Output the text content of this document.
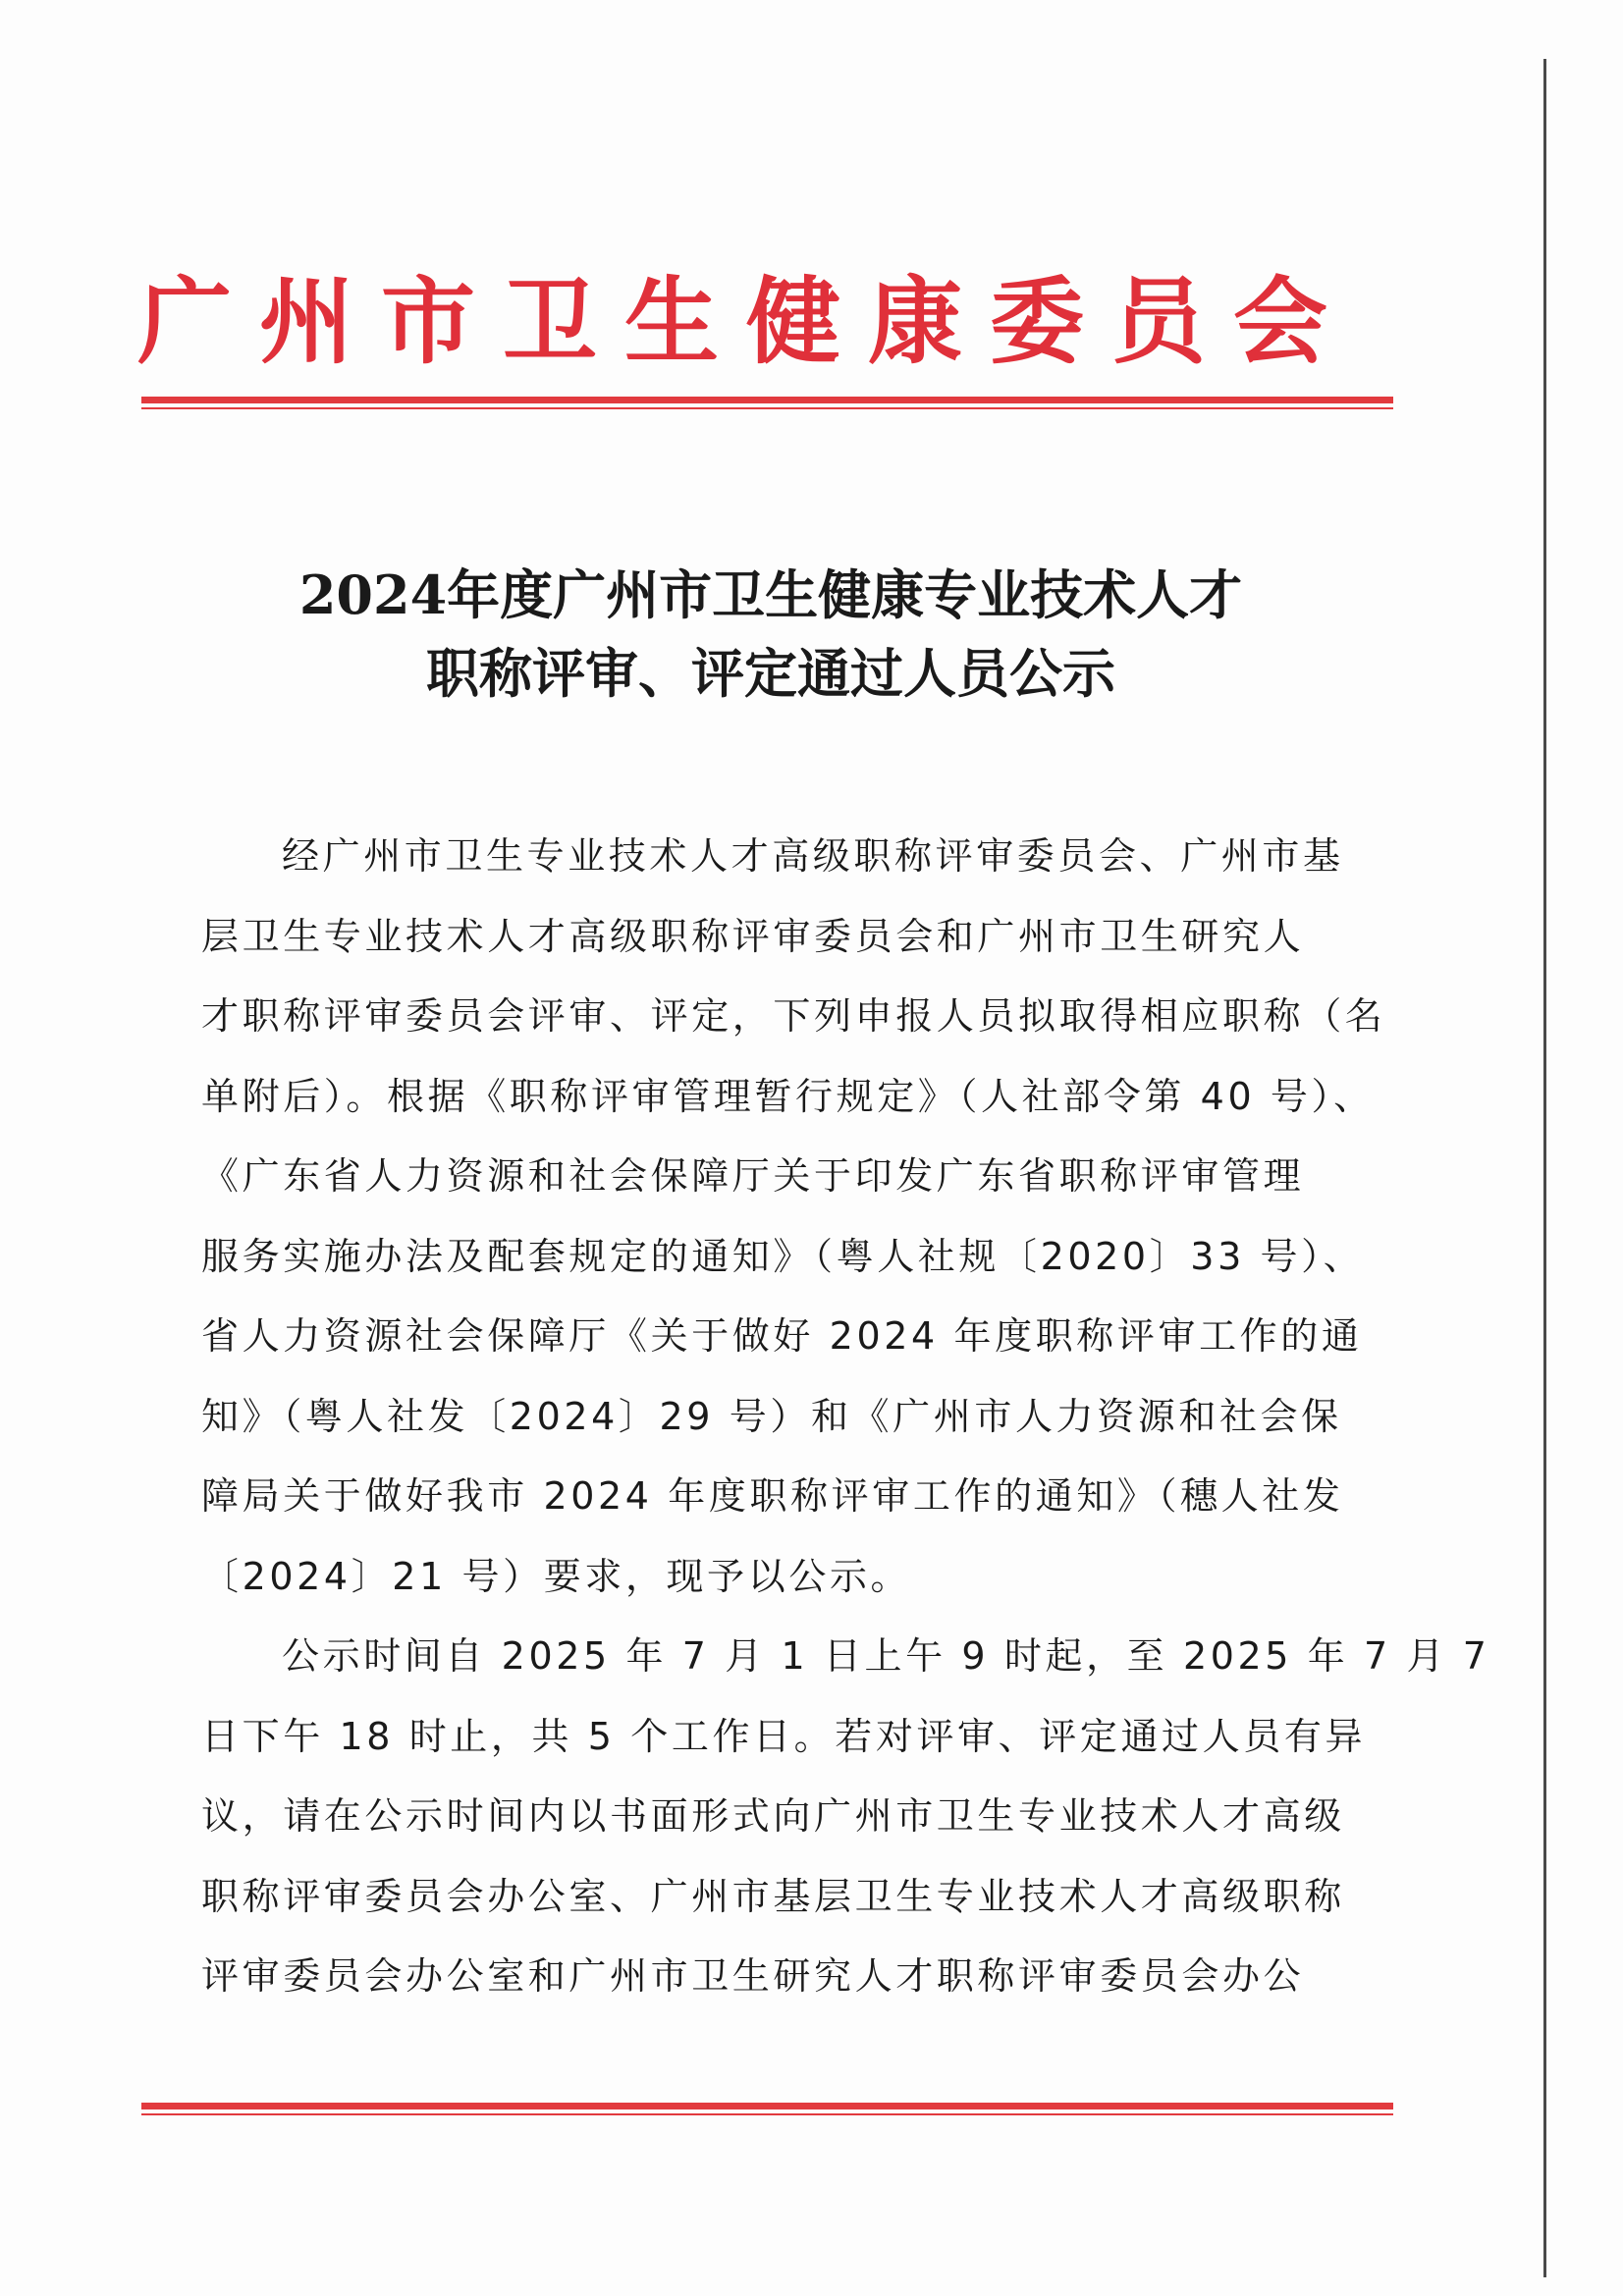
广州市卫生健康委员会
2024年度广州市卫生健康专业技术人才
职称评审、评定通过人员公示
经广州市卫生专业技术人才高级职称评审委员会、广州市基
层卫生专业技术人才高级职称评审委员会和广州市卫生研究人
才职称评审委员会评审、评定，下列申报人员拟取得相应职称（名
单附后）。根据《职称评审管理暂行规定》（人社部令第 40 号）、
《广东省人力资源和社会保障厅关于印发广东省职称评审管理
服务实施办法及配套规定的通知》（粤人社规〔2020〕33 号）、
省人力资源社会保障厅《关于做好 2024 年度职称评审工作的通
知》（粤人社发〔2024〕29 号）和《广州市人力资源和社会保
障局关于做好我市 2024 年度职称评审工作的通知》（穗人社发
〔2024〕21 号）要求，现予以公示。
公示时间自 2025 年 7 月 1 日上午 9 时起，至 2025 年 7 月 7
日下午 18 时止，共 5 个工作日。若对评审、评定通过人员有异
议，请在公示时间内以书面形式向广州市卫生专业技术人才高级
职称评审委员会办公室、广州市基层卫生专业技术人才高级职称
评审委员会办公室和广州市卫生研究人才职称评审委员会办公
